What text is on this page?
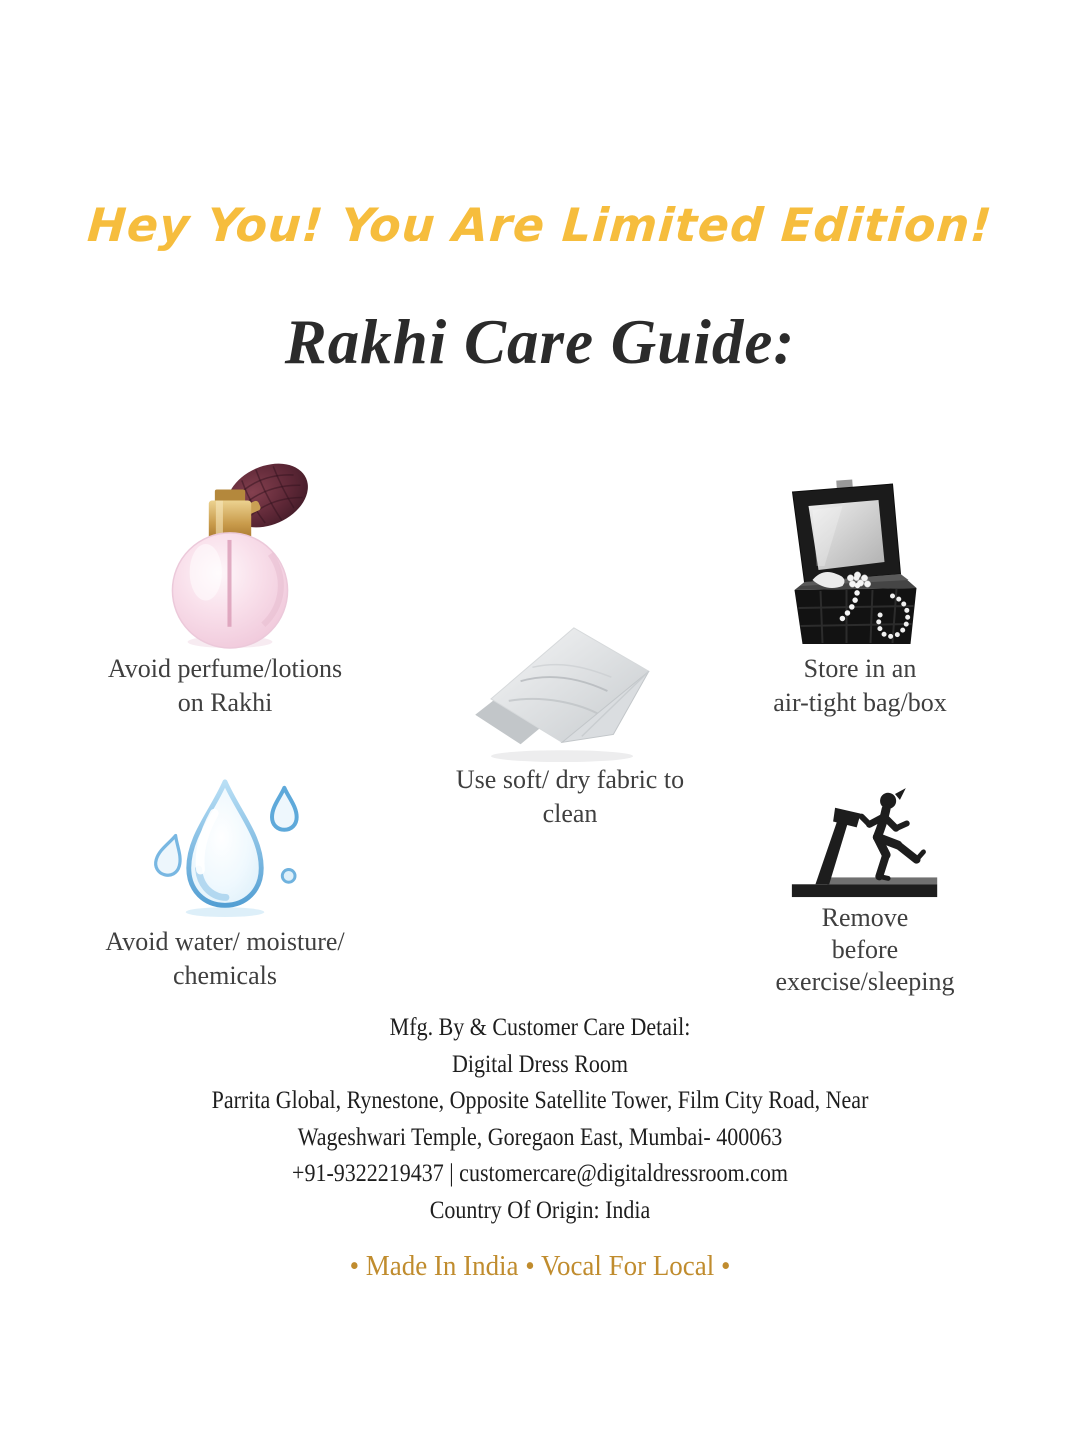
Hey You! You Are Limited Edition!
Rakhi Care Guide:
Avoid perfume/lotions
on Rakhi
Store in an
air-tight bag/box
Use soft/ dry fabric to
clean
Avoid water/ moisture/
chemicals
Remove
before
exercise/sleeping
Mfg. By & Customer Care Detail:
Digital Dress Room
Parrita Global, Rynestone, Opposite Satellite Tower, Film City Road, Near
Wageshwari Temple, Goregaon East, Mumbai- 400063
+91-9322219437 | customercare@digitaldressroom.com
Country Of Origin: India
• Made In India • Vocal For Local •
